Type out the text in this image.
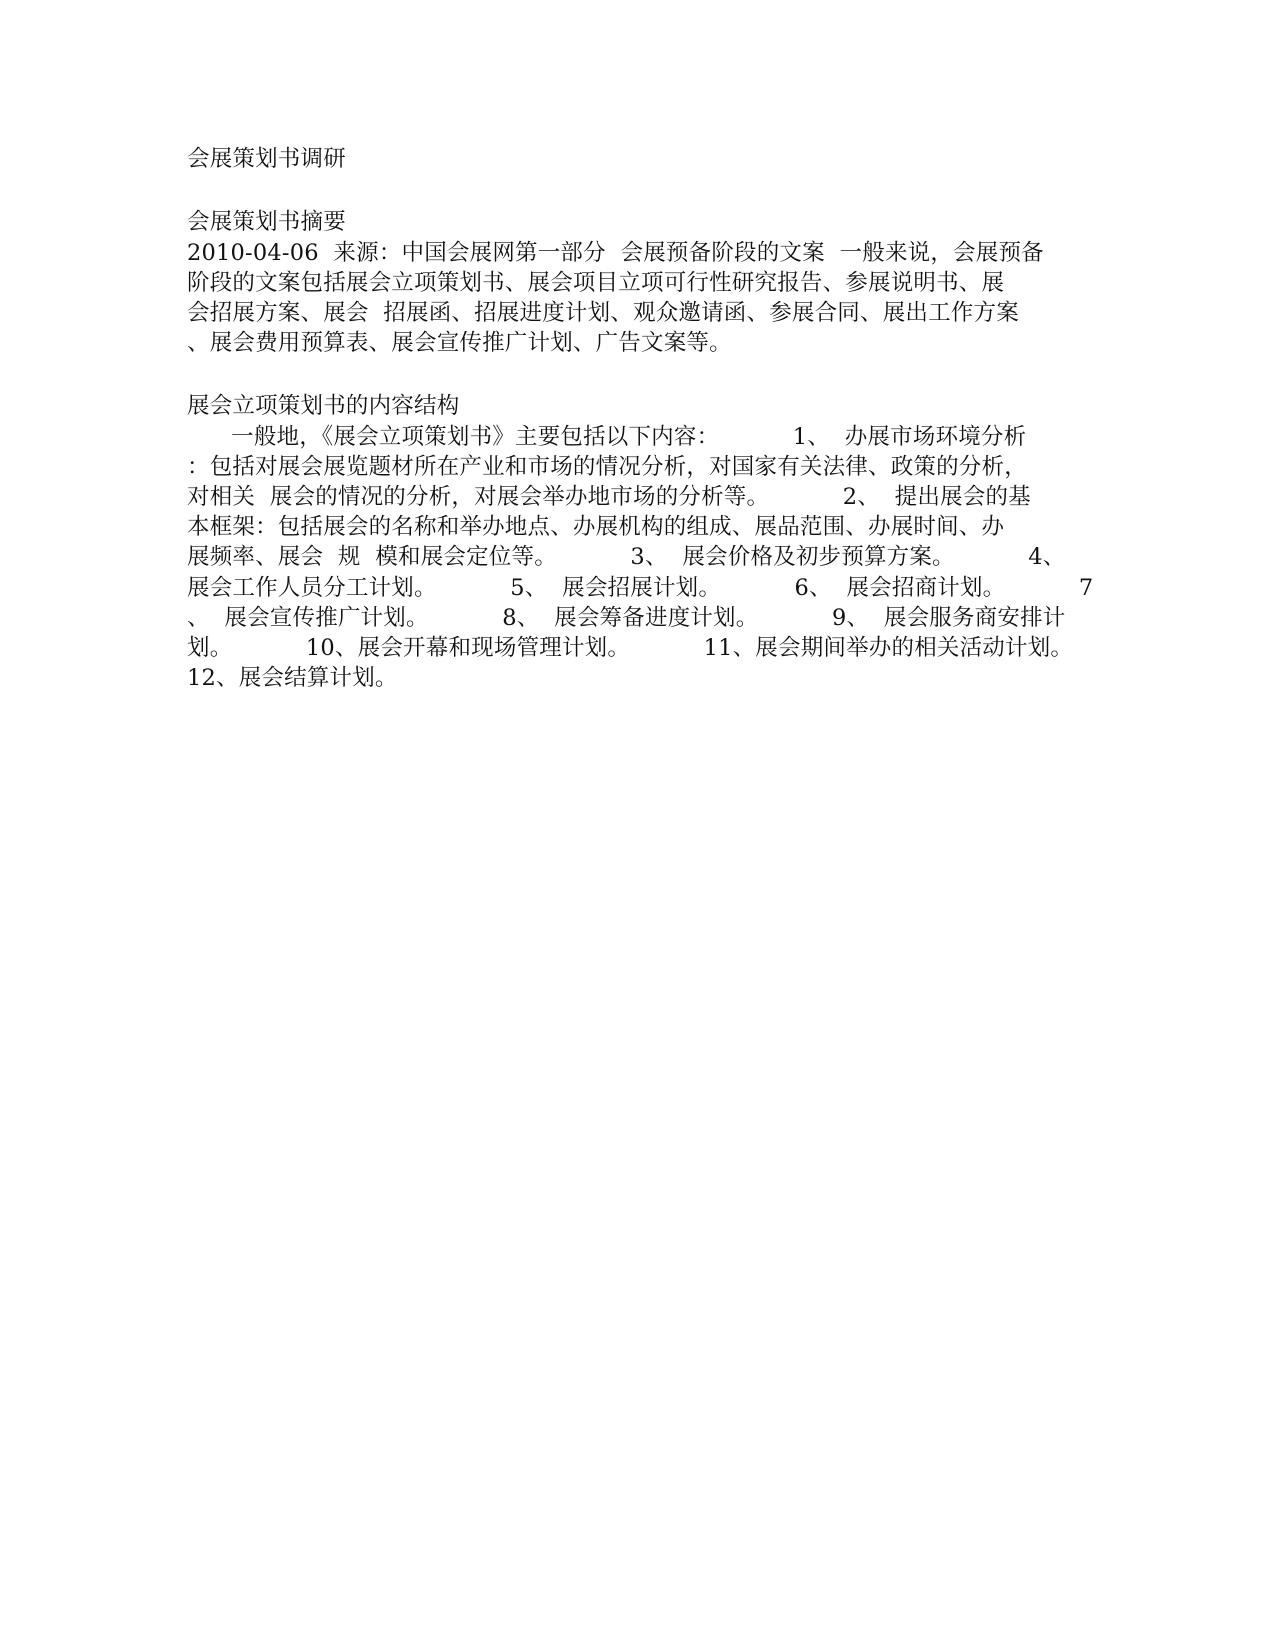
会展策划书调研
会展策划书摘要
2010-04-06  来源：中国会展网第一部分  会展预备阶段的文案  一般来说，会展预备
阶段的文案包括展会立项策划书、展会项目立项可行性研究报告、参展说明书、展
会招展方案、展会  招展函、招展进度计划、观众邀请函、参展合同、展出工作方案
、展会费用预算表、展会宣传推广计划、广告文案等。
展会立项策划书的内容结构
一般地，《展会立项策划书》主要包括以下内容：          1、  办展市场环境分析
：包括对展会展览题材所在产业和市场的情况分析，对国家有关法律、政策的分析，
对相关  展会的情况的分析，对展会举办地市场的分析等。          2、  提出展会的基
本框架：包括展会的名称和举办地点、办展机构的组成、展品范围、办展时间、办
展频率、展会  规  模和展会定位等。          3、  展会价格及初步预算方案。          4、
展会工作人员分工计划。          5、  展会招展计划。          6、  展会招商计划。          7
、  展会宣传推广计划。          8、  展会筹备进度计划。          9、  展会服务商安排计
划。          10、展会开幕和现场管理计划。          11、展会期间举办的相关活动计划。
12、展会结算计划。
